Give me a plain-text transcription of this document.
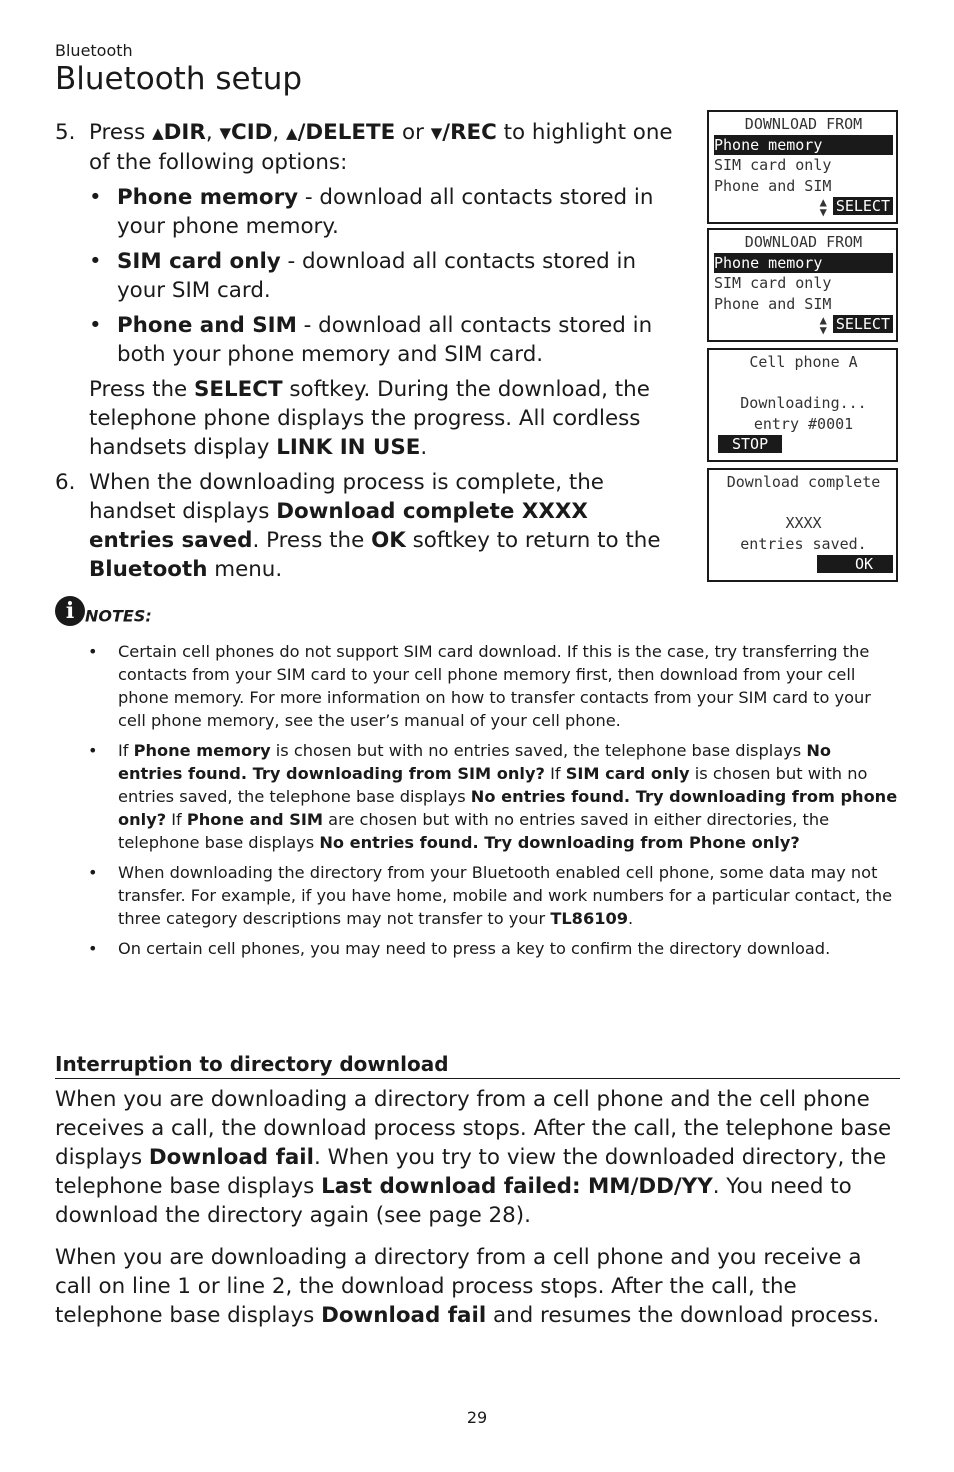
Bluetooth
Bluetooth setup
5. Press ▲DIR, ▼CID, ▲/DELETE or ▼/REC to highlight one of the following options:

• Phone memory - download all contacts stored in your phone memory.
• SIM card only - download all contacts stored in your SIM card.
• Phone and SIM - download all contacts stored in both your phone memory and SIM card.

Press the SELECT softkey. During the download, the telephone phone displays the progress. All cordless handsets display LINK IN USE.

6. When the downloading process is complete, the handset displays Download complete XXXX entries saved. Press the OK softkey to return to the Bluetooth menu.

DOWNLOAD FROM
Phone memory
SIM card only
Phone and SIM
▲
▼ SELECT
DOWNLOAD FROM
Phone memory
SIM card only
Phone and SIM
▲
▼ SELECT
Cell phone A
Downloading...
entry #0001
STOP
Download complete
XXXX
entries saved.
OK
i NOTES:
• Certain cell phones do not support SIM card download. If this is the case, try transferring the contacts from your SIM card to your cell phone memory first, then download from your cell phone memory. For more information on how to transfer contacts from your SIM card to your cell phone memory, see the user’s manual of your cell phone.
• If Phone memory is chosen but with no entries saved, the telephone base displays No entries found. Try downloading from SIM only? If SIM card only is chosen but with no entries saved, the telephone base displays No entries found. Try downloading from phone only? If Phone and SIM are chosen but with no entries saved in either directories, the telephone base displays No entries found. Try downloading from Phone only?
• When downloading the directory from your Bluetooth enabled cell phone, some data may not transfer. For example, if you have home, mobile and work numbers for a particular contact, the three category descriptions may not transfer to your TL86109.
• On certain cell phones, you may need to press a key to confirm the directory download.
Interruption to directory download
When you are downloading a directory from a cell phone and the cell phone receives a call, the download process stops. After the call, the telephone base displays Download fail. When you try to view the downloaded directory, the telephone base displays Last download failed: MM/DD/YY. You need to download the directory again (see page 28).
When you are downloading a directory from a cell phone and you receive a call on line 1 or line 2, the download process stops. After the call, the telephone base displays Download fail and resumes the download process.
29
